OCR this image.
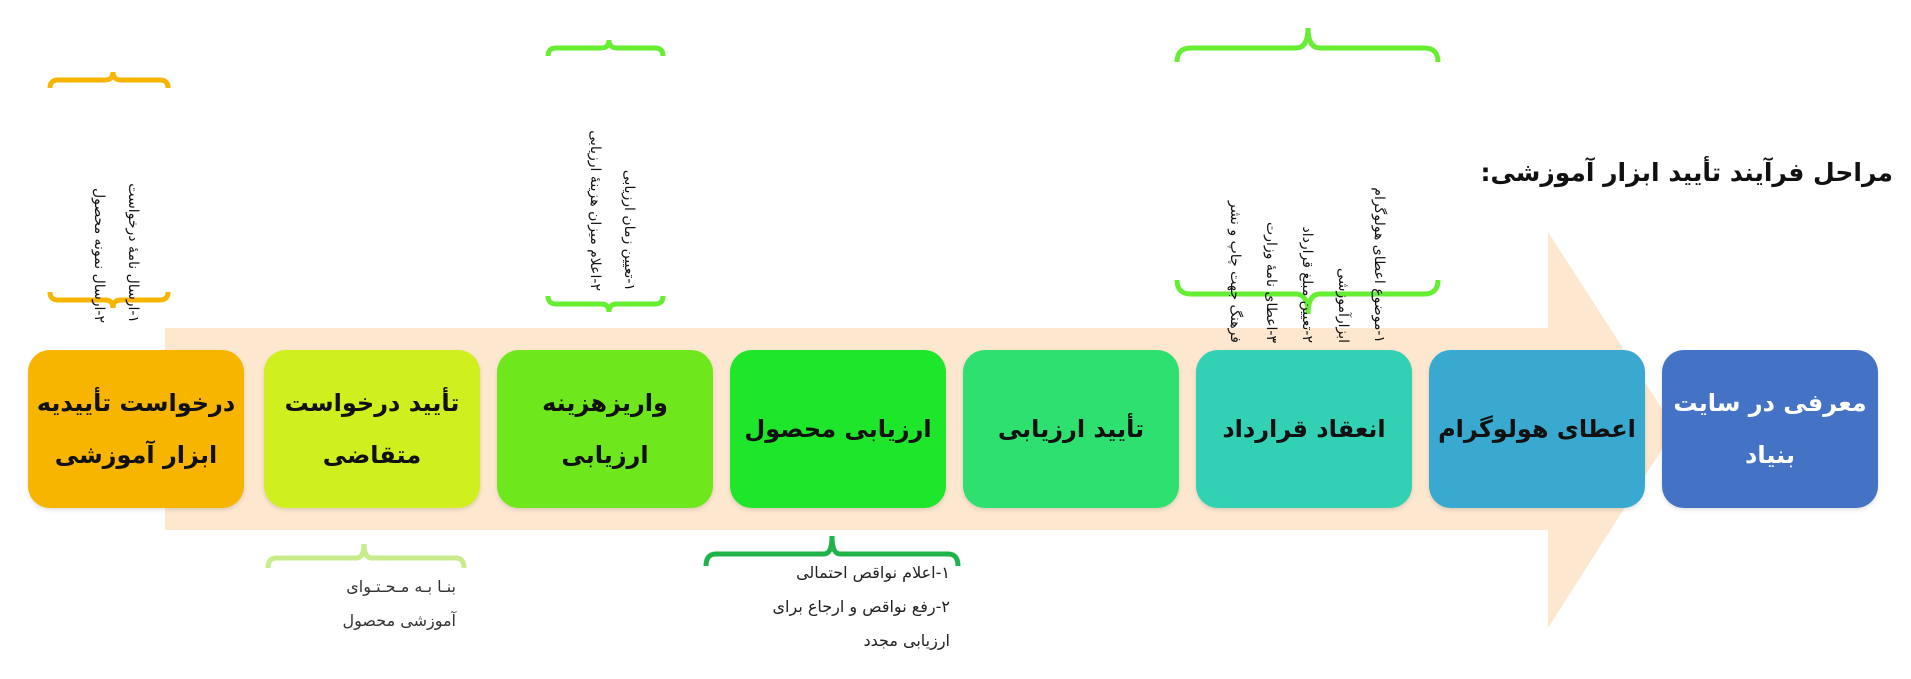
مراحل فرآیند تأیید ابزار آموزشی:
معرفی در سایت
بنیاد
اعطای هولوگرام
انعقاد قرارداد
تأیید ارزیابی
ارزیابی محصول
واریزهزینه ارزیابی
تأیید درخواست
متقاضی
درخواست تأییدیه
ابزار آموزشی
١-ارسال نامهٔ درخواست
٢-ارسال نمونه محصول
١-تعیین زمان ارزیابی
٢-اعلام میزان هزینهٔ ارزیابی
١-موضوع اعطای هولوگرام
ابزارآموزشی
٢-تعیین مبلغ قرارداد
٣-اعطای نامهٔ وزارت
فرهنگ جهت چاپ و نشر
بنـا بـه مـحـتـوای
آموزشی محصول
١-اعلام نواقص احتمالی
٢-رفع نواقص و ارجاع برای
ارزیابی مجدد
